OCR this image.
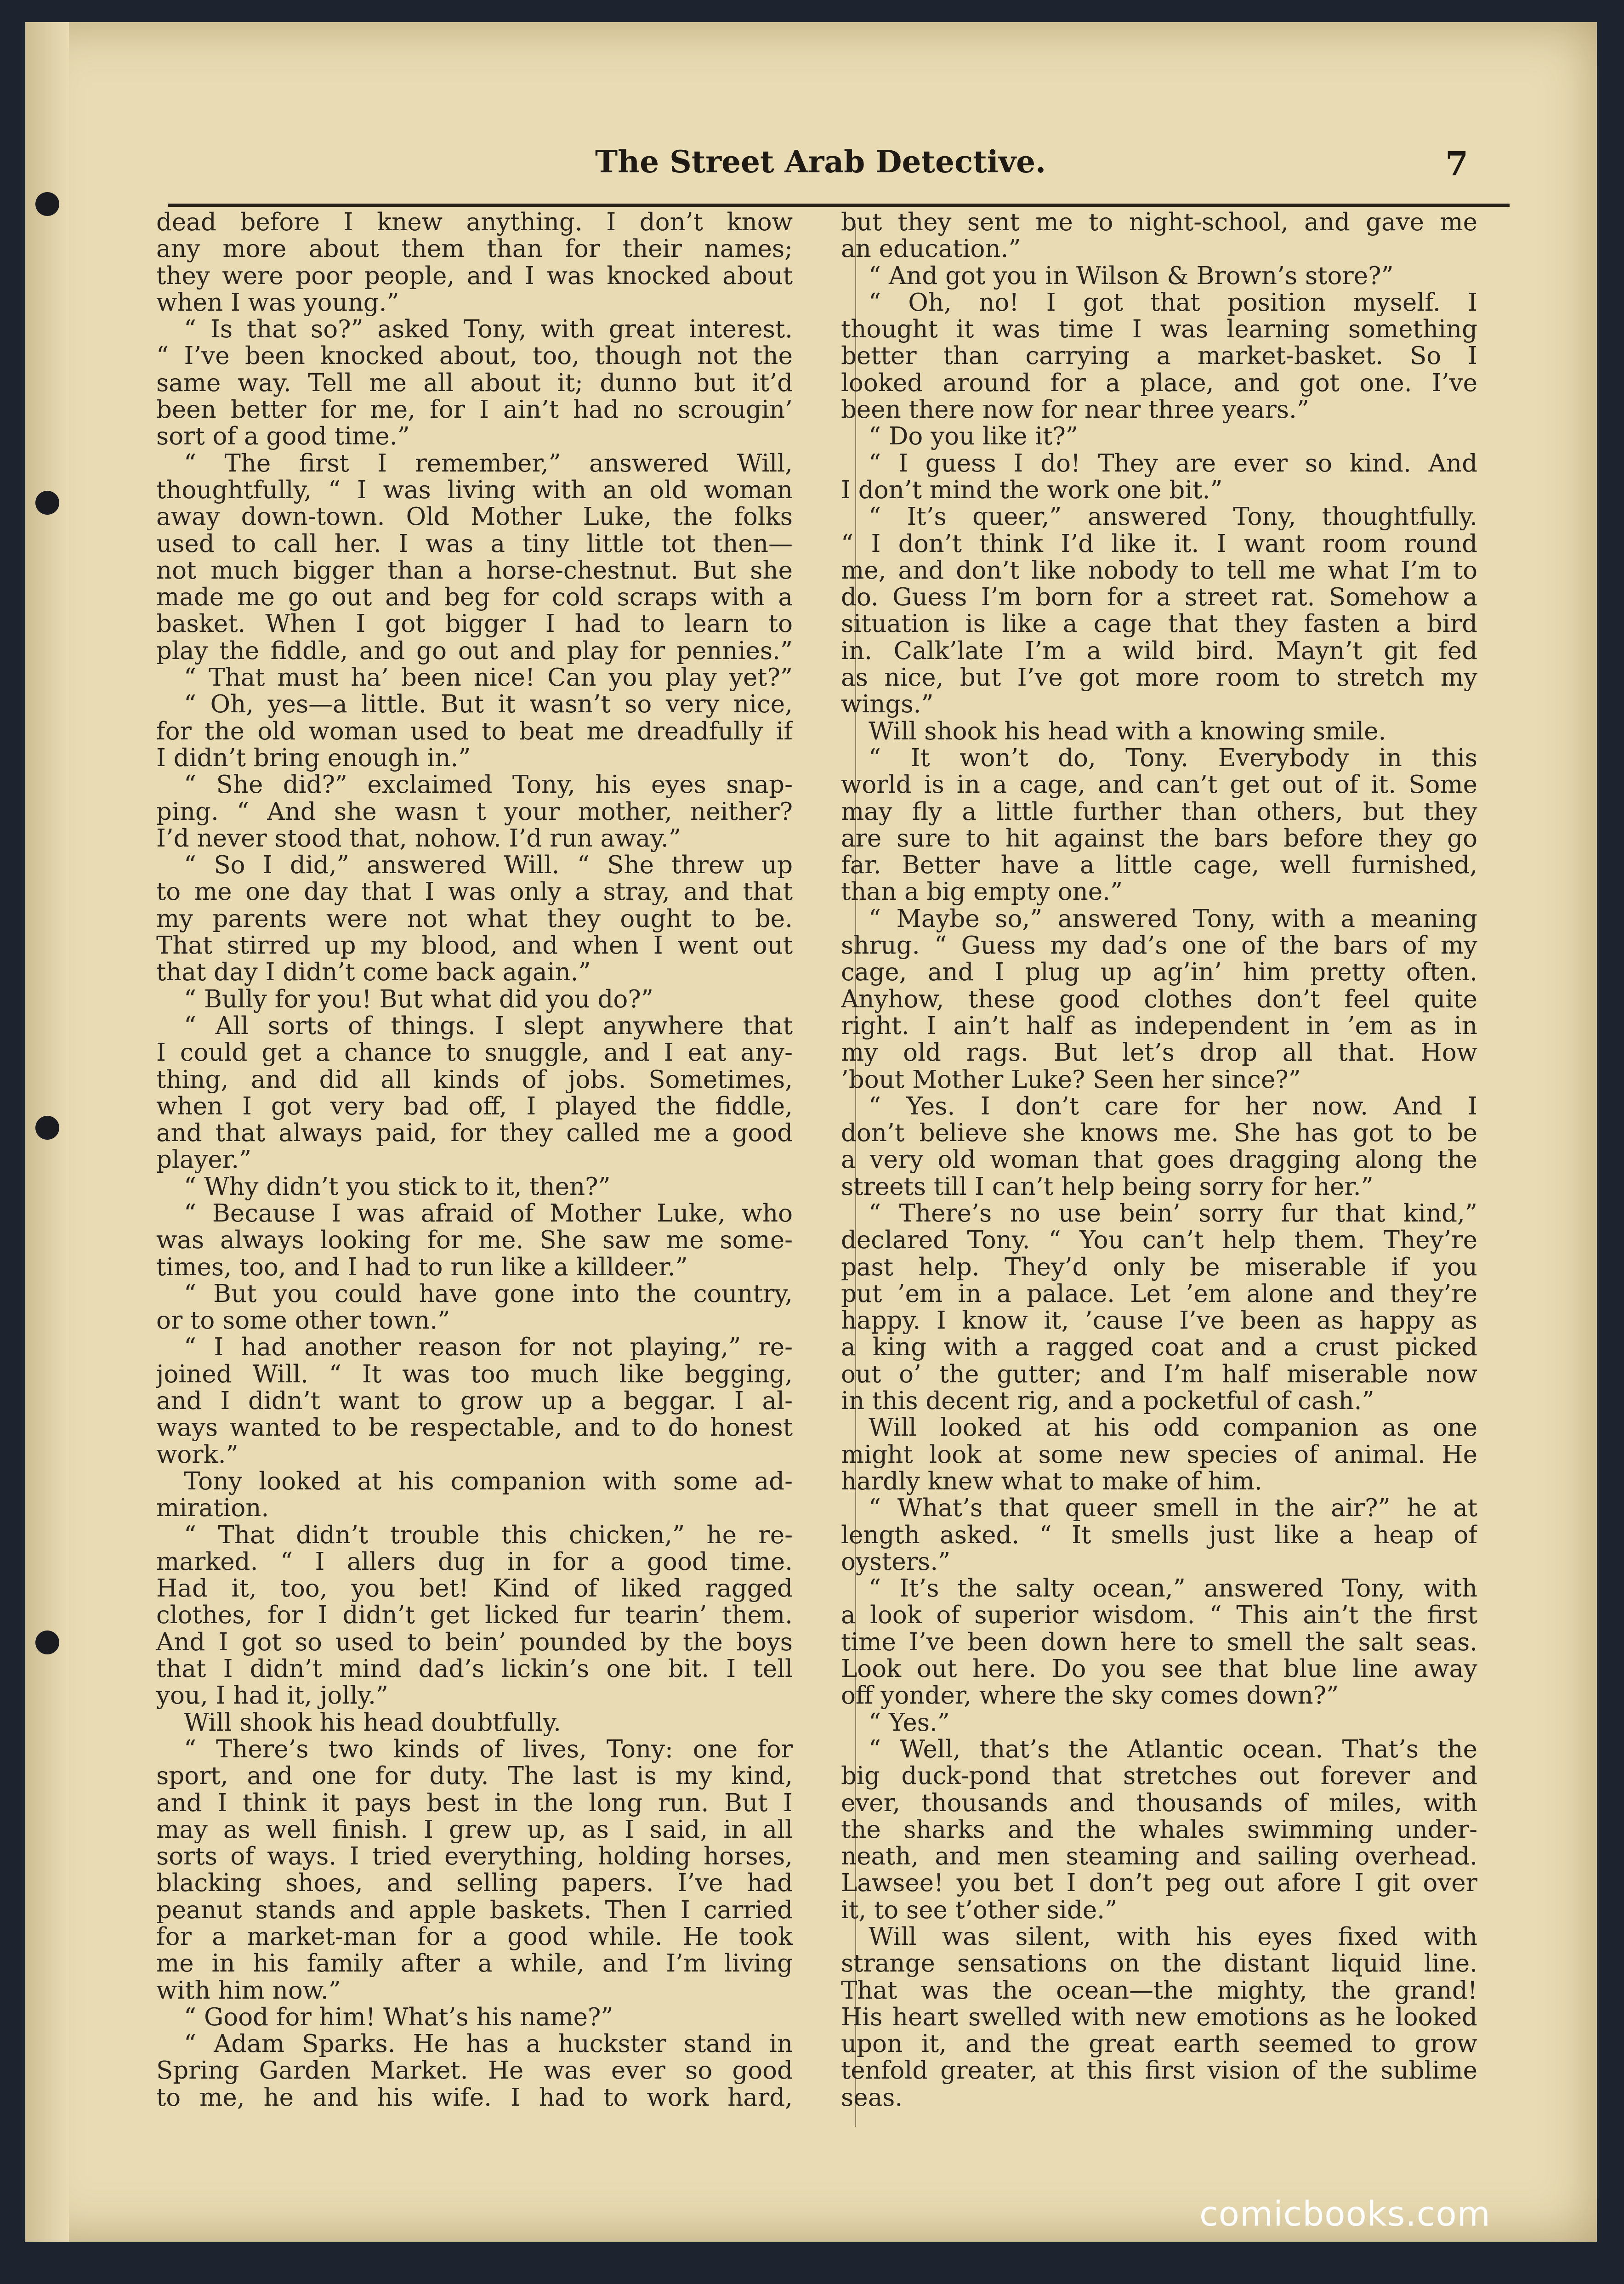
The Street Arab Detective.	7
dead before I knew anything. I don’t know
any more about them than for their names;
they were poor people, and I was knocked about
when I was young.”
“ Is that so?” asked Tony, with great interest.
“ I’ve been knocked about, too, though not the
same way. Tell me all about it; dunno but it’d
been better for me, for I ain’t had no scrougin’
sort of a good time.”
“ The first I remember,” answered Will,
thoughtfully, “ I was living with an old woman
away down-town. Old Mother Luke, the folks
used to call her. I was a tiny little tot then—
not much bigger than a horse-chestnut. But she
made me go out and beg for cold scraps with a
basket. When I got bigger I had to learn to
play the fiddle, and go out and play for pennies.”
“ That must ha’ been nice! Can you play yet?”
“ Oh, yes—a little. But it wasn’t so very nice,
for the old woman used to beat me dreadfully if
I didn’t bring enough in.”
“ She did?” exclaimed Tony, his eyes snap-
ping. “ And she wasn t your mother, neither?
I’d never stood that, nohow. I’d run away.”
“ So I did,” answered Will. “ She threw up
to me one day that I was only a stray, and that
my parents were not what they ought to be.
That stirred up my blood, and when I went out
that day I didn’t come back again.”
“ Bully for you! But what did you do?”
“ All sorts of things. I slept anywhere that
I could get a chance to snuggle, and I eat any-
thing, and did all kinds of jobs. Sometimes,
when I got very bad off, I played the fiddle,
and that always paid, for they called me a good
player.”
“ Why didn’t you stick to it, then?”
“ Because I was afraid of Mother Luke, who
was always looking for me. She saw me some-
times, too, and I had to run like a killdeer.”
“ But you could have gone into the country,
or to some other town.”
“ I had another reason for not playing,” re-
joined Will. “ It was too much like begging,
and I didn’t want to grow up a beggar. I al-
ways wanted to be respectable, and to do honest
work.”
Tony looked at his companion with some ad-
miration.
“ That didn’t trouble this chicken,” he re-
marked. “ I allers dug in for a good time.
Had it, too, you bet! Kind of liked ragged
clothes, for I didn’t get licked fur tearin’ them.
And I got so used to bein’ pounded by the boys
that I didn’t mind dad’s lickin’s one bit. I tell
you, I had it, jolly.”
Will shook his head doubtfully.
“ There’s two kinds of lives, Tony: one for
sport, and one for duty. The last is my kind,
and I think it pays best in the long run. But I
may as well finish. I grew up, as I said, in all
sorts of ways. I tried everything, holding horses,
blacking shoes, and selling papers. I’ve had
peanut stands and apple baskets. Then I carried
for a market-man for a good while. He took
me in his family after a while, and I’m living
with him now.”
“ Good for him! What’s his name?”
“ Adam Sparks. He has a huckster stand in
Spring Garden Market. He was ever so good
to me, he and his wife. I had to work hard,
but they sent me to night-school, and gave me
an education.”
“ And got you in Wilson & Brown’s store?”
“ Oh, no! I got that position myself. I
thought it was time I was learning something
better than carrying a market-basket. So I
looked around for a place, and got one. I’ve
been there now for near three years.”
“ Do you like it?”
“ I guess I do! They are ever so kind. And
I don’t mind the work one bit.”
“ It’s queer,” answered Tony, thoughtfully.
“ I don’t think I’d like it. I want room round
me, and don’t like nobody to tell me what I’m to
do. Guess I’m born for a street rat. Somehow a
situation is like a cage that they fasten a bird
in. Calk’late I’m a wild bird. Mayn’t git fed
as nice, but I’ve got more room to stretch my
wings.”
Will shook his head with a knowing smile.
“ It won’t do, Tony. Everybody in this
world is in a cage, and can’t get out of it. Some
may fly a little further than others, but they
are sure to hit against the bars before they go
far. Better have a little cage, well furnished,
than a big empty one.”
“ Maybe so,” answered Tony, with a meaning
shrug. “ Guess my dad’s one of the bars of my
cage, and I plug up ag’in’ him pretty often.
Anyhow, these good clothes don’t feel quite
right. I ain’t half as independent in ’em as in
my old rags. But let’s drop all that. How
’bout Mother Luke? Seen her since?”
“ Yes. I don’t care for her now. And I
don’t believe she knows me. She has got to be
a very old woman that goes dragging along the
streets till I can’t help being sorry for her.”
“ There’s no use bein’ sorry fur that kind,”
declared Tony. “ You can’t help them. They’re
past help. They’d only be miserable if you
put ’em in a palace. Let ’em alone and they’re
happy. I know it, ’cause I’ve been as happy as
a king with a ragged coat and a crust picked
out o’ the gutter; and I’m half miserable now
in this decent rig, and a pocketful of cash.”
Will looked at his odd companion as one
might look at some new species of animal. He
hardly knew what to make of him.
“ What’s that queer smell in the air?” he at
length asked. “ It smells just like a heap of
oysters.”
“ It’s the salty ocean,” answered Tony, with
a look of superior wisdom. “ This ain’t the first
time I’ve been down here to smell the salt seas.
Look out here. Do you see that blue line away
off yonder, where the sky comes down?”
“ Yes.”
“ Well, that’s the Atlantic ocean. That’s the
big duck-pond that stretches out forever and
ever, thousands and thousands of miles, with
the sharks and the whales swimming under-
neath, and men steaming and sailing overhead.
Lawsee! you bet I don’t peg out afore I git over
it, to see t’other side.”
Will was silent, with his eyes fixed with
strange sensations on the distant liquid line.
That was the ocean—the mighty, the grand!
His heart swelled with new emotions as he looked
upon it, and the great earth seemed to grow
tenfold greater, at this first vision of the sublime
seas.
comicbooks.com
